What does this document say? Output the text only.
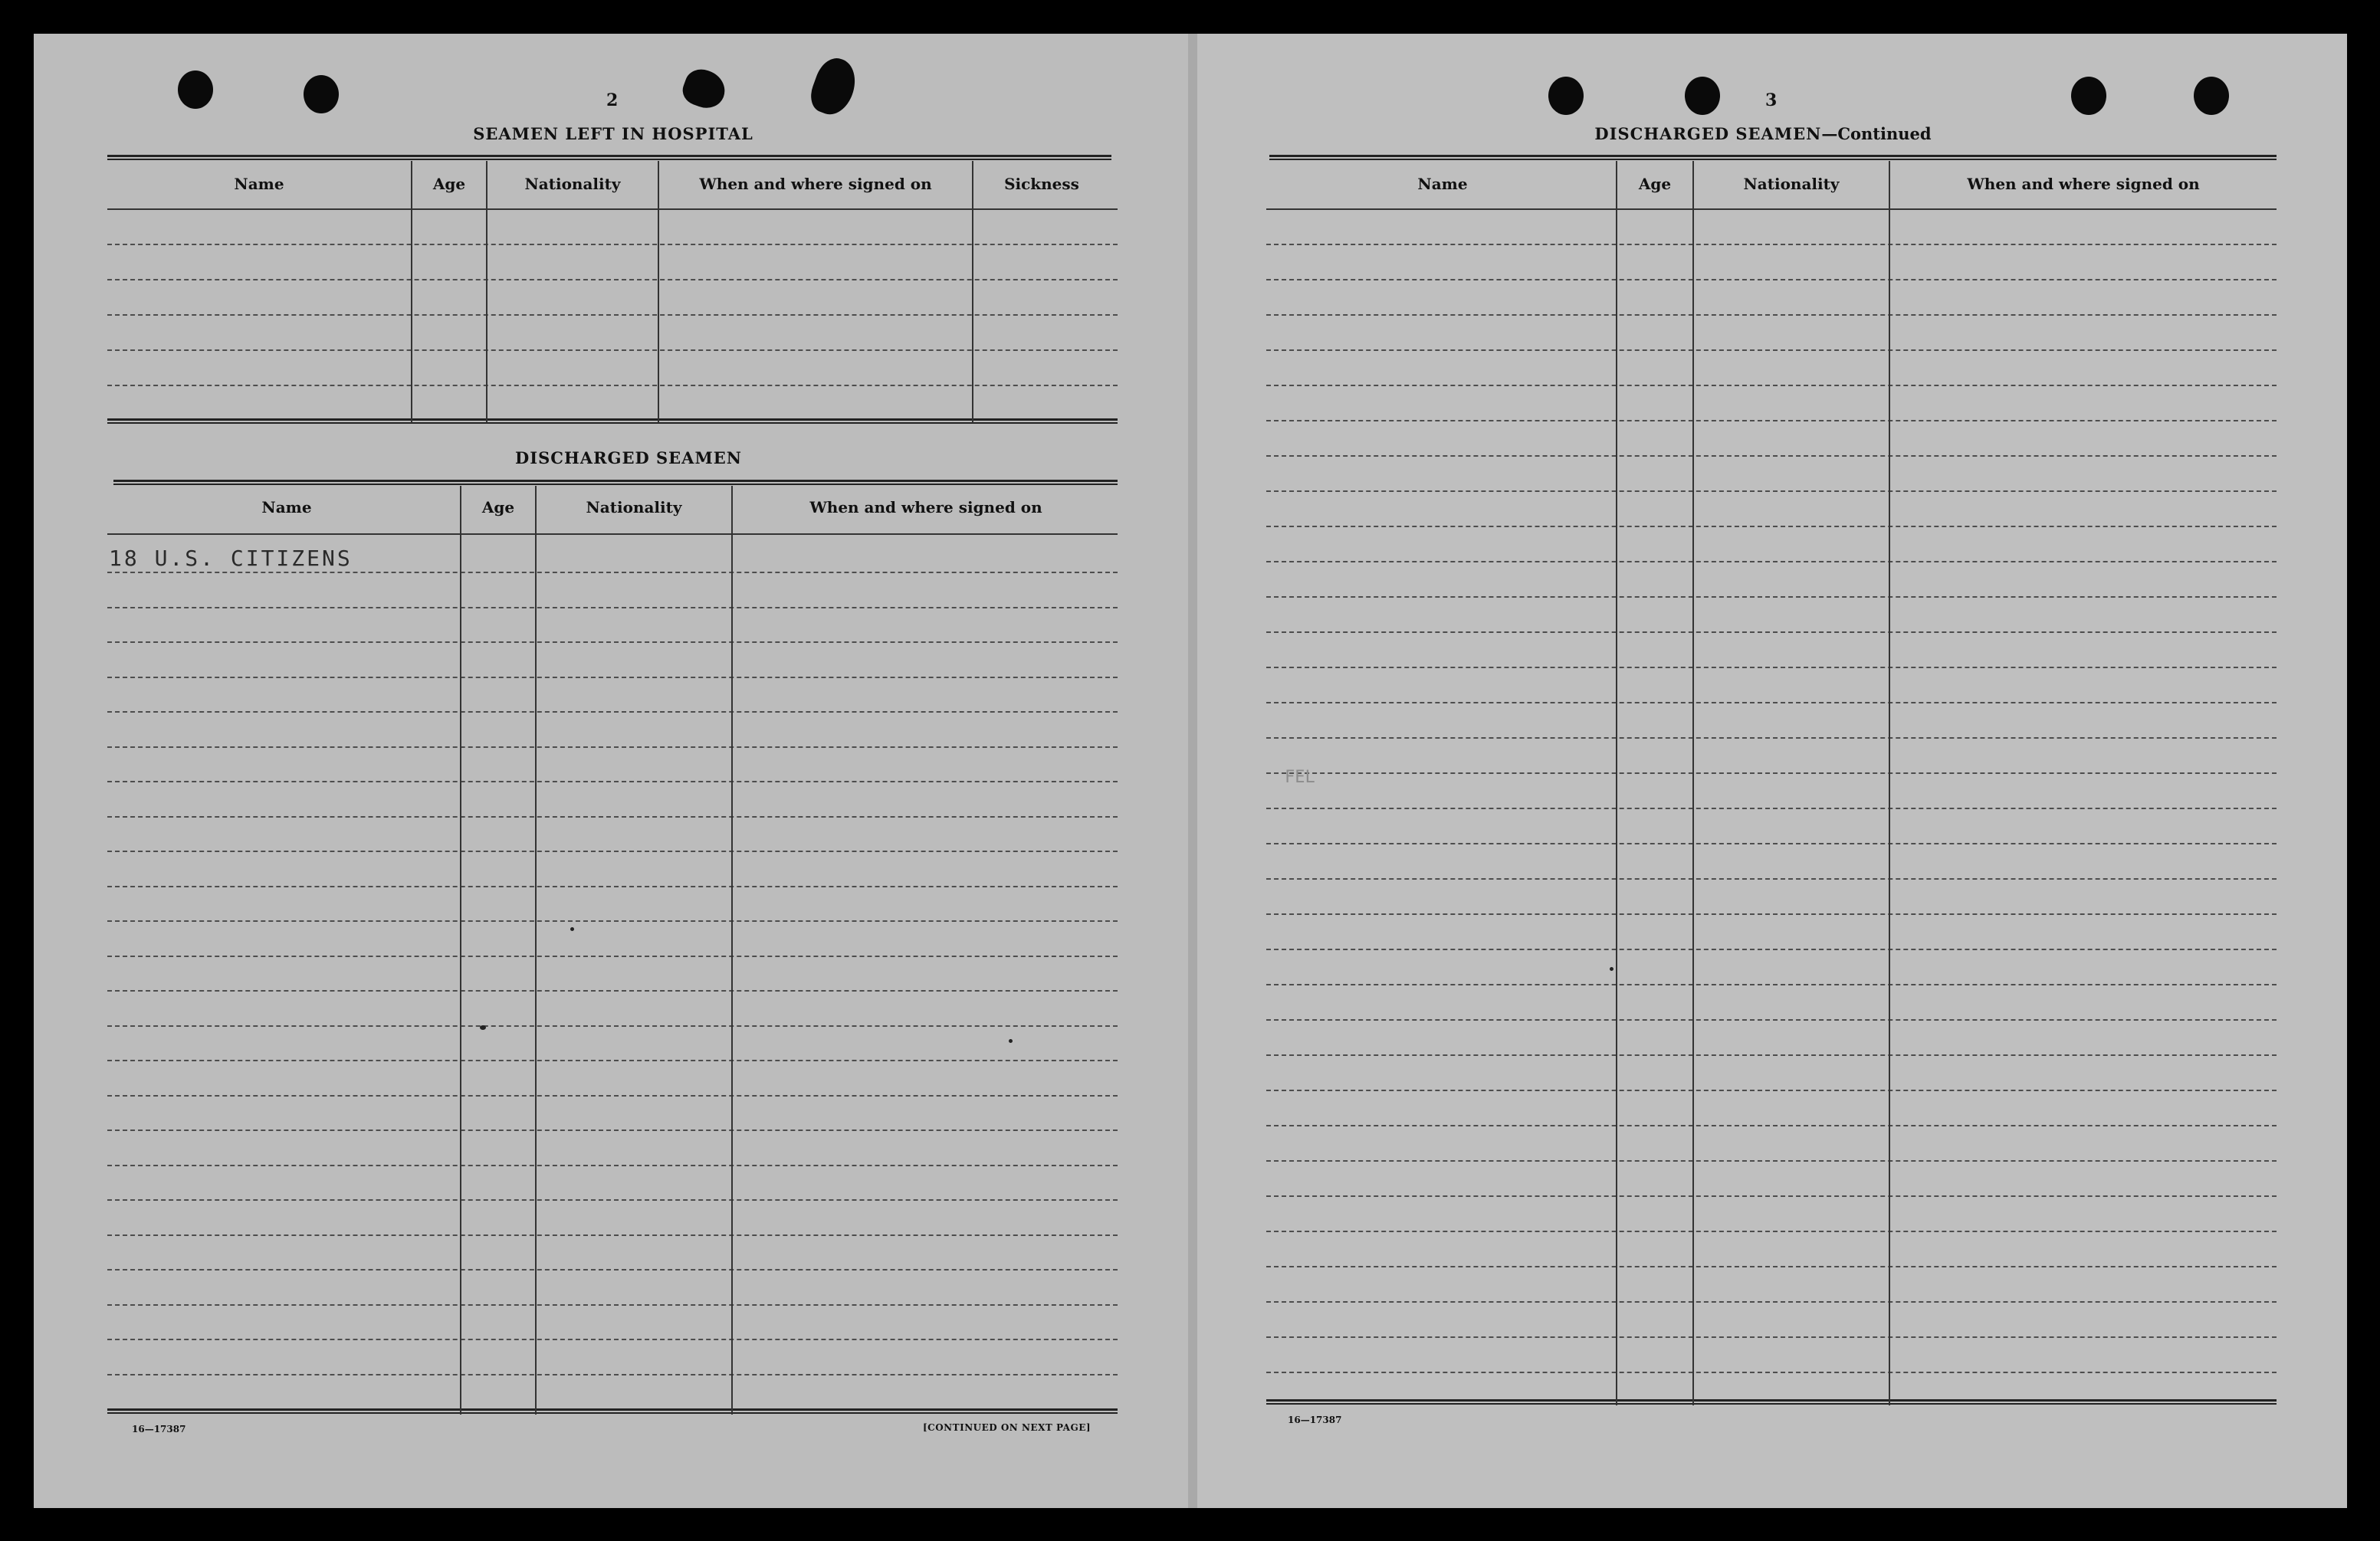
2
SEAMEN LEFT IN HOSPITAL
Name	Age	Nationality	When and where signed on	Sickness
DISCHARGED SEAMEN
Name	Age	Nationality	When and where signed on
18 U.S. CITIZENS
16—17387	[CONTINUED ON NEXT PAGE]
3
DISCHARGED SEAMEN—Continued
Name	Age	Nationality	When and where signed on
FEL
16—17387
